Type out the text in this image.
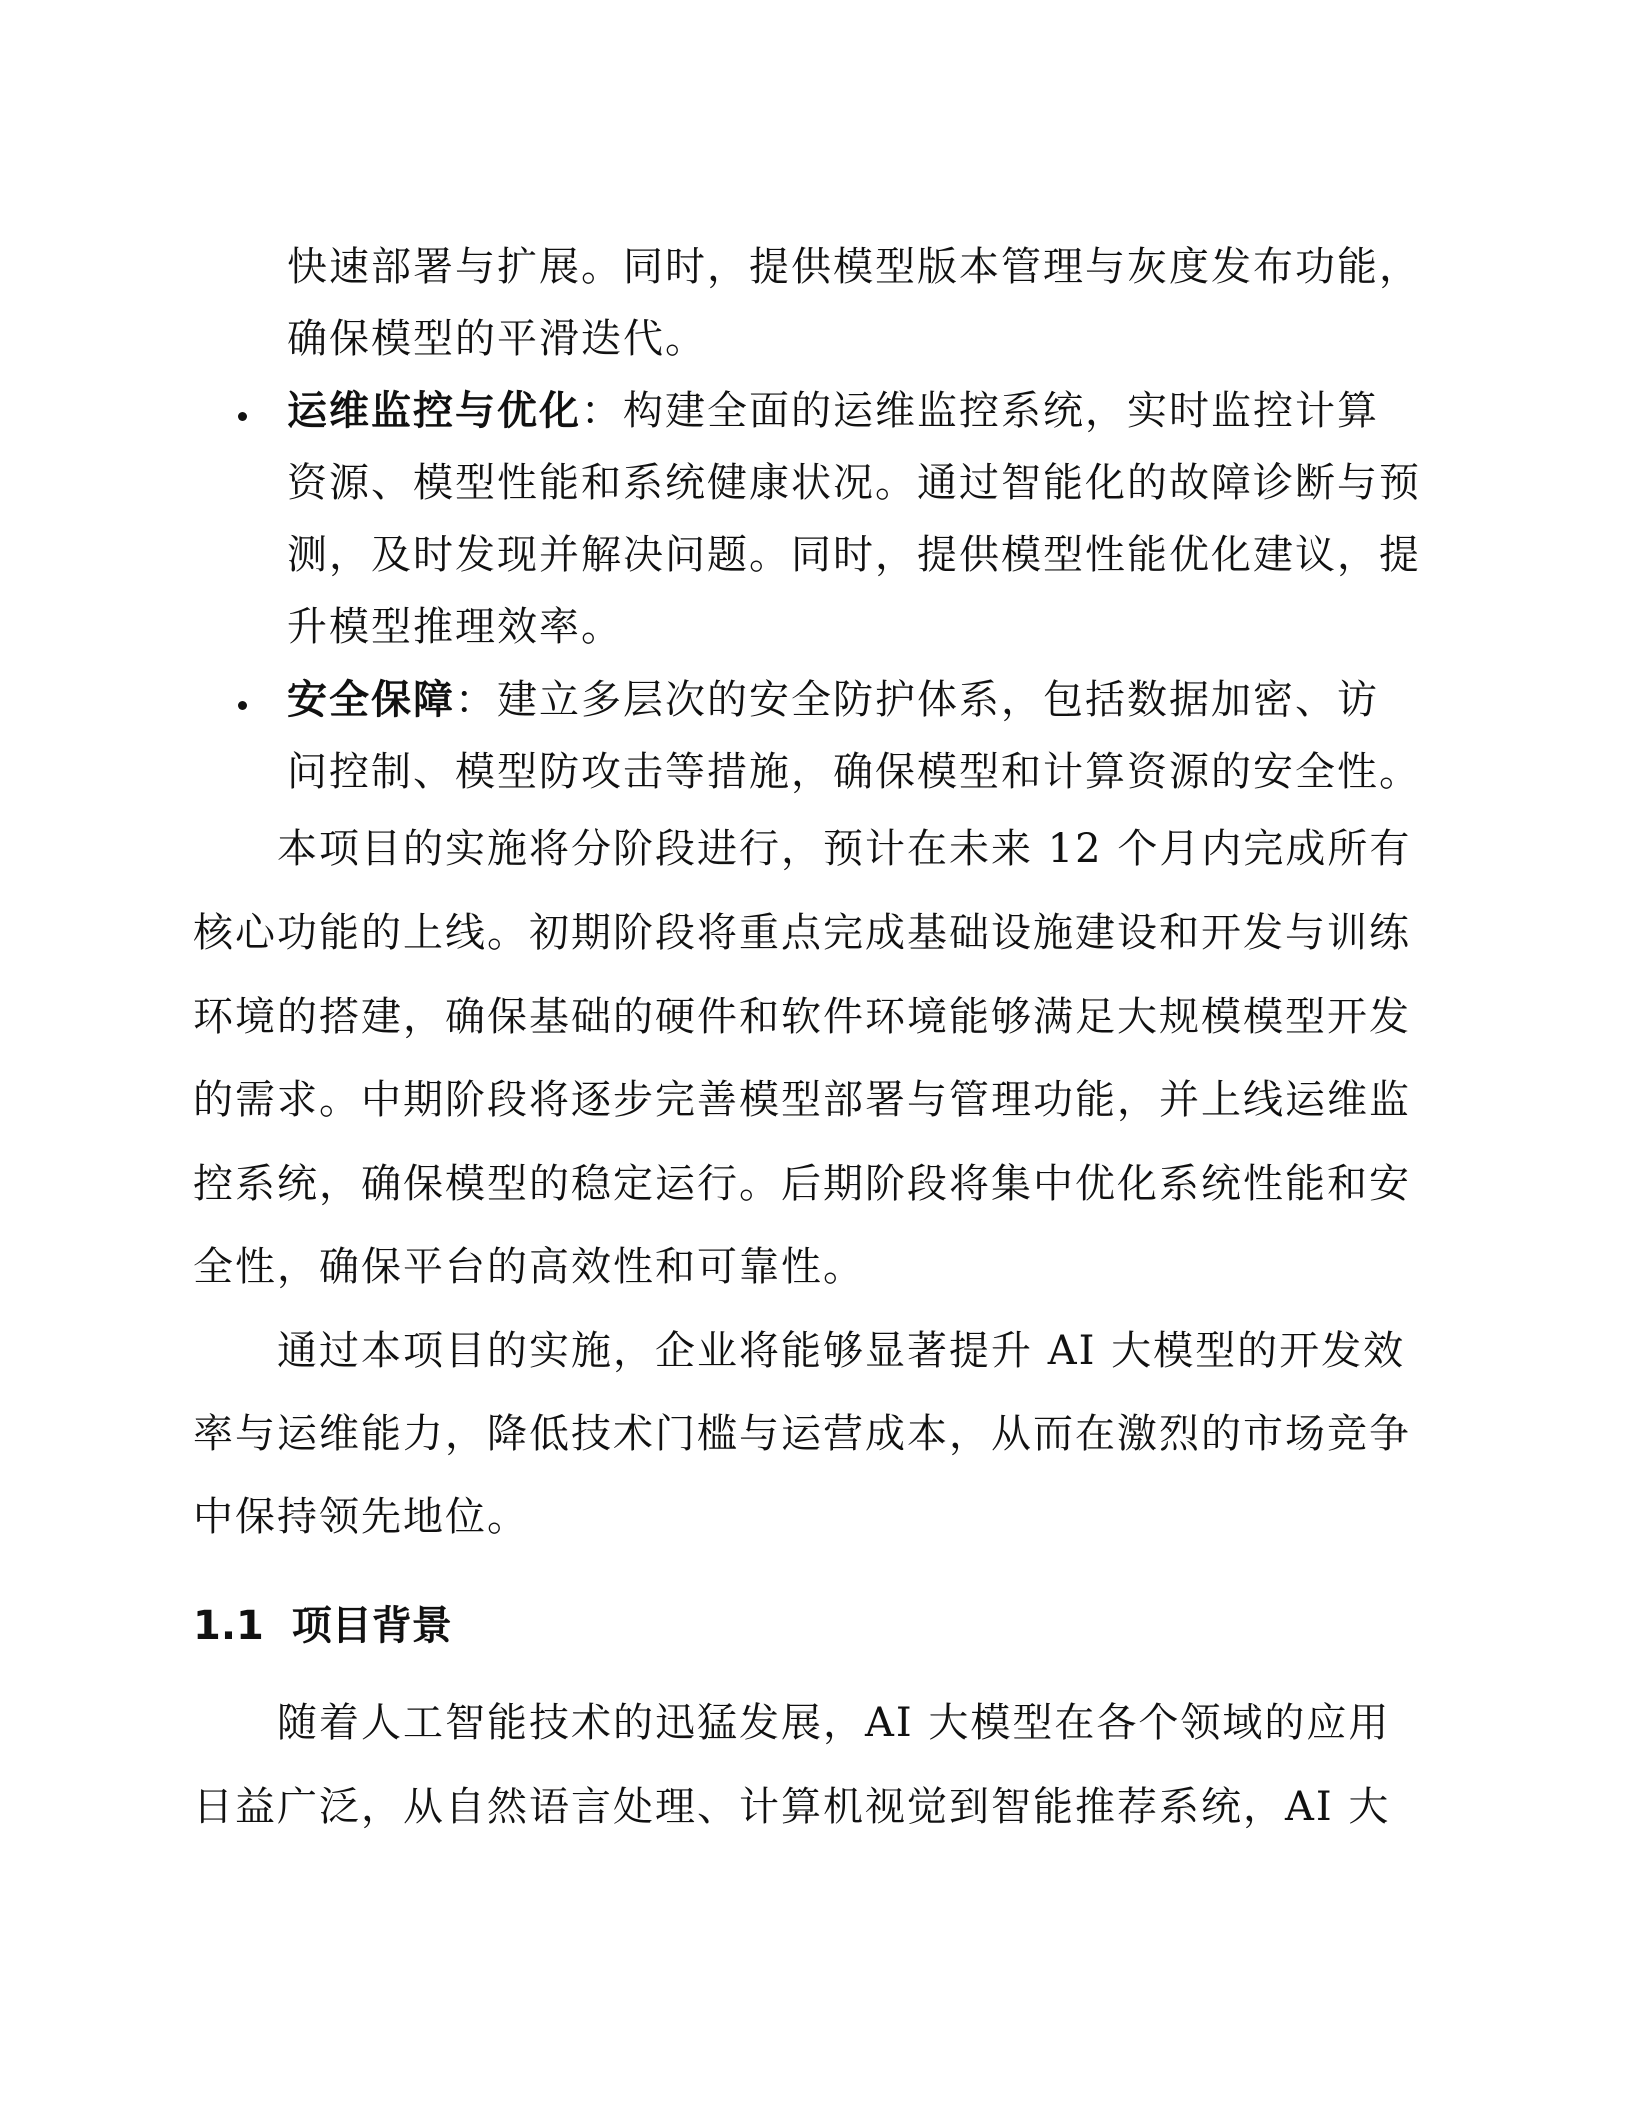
快速部署与扩展。同时，提供模型版本管理与灰度发布功能，
确保模型的平滑迭代。
运维监控与优化：构建全面的运维监控系统，实时监控计算
资源、模型性能和系统健康状况。通过智能化的故障诊断与预
测，及时发现并解决问题。同时，提供模型性能优化建议，提
升模型推理效率。
安全保障：建立多层次的安全防护体系，包括数据加密、访
问控制、模型防攻击等措施，确保模型和计算资源的安全性。
本项目的实施将分阶段进行，预计在未来 12 个月内完成所有
核心功能的上线。初期阶段将重点完成基础设施建设和开发与训练
环境的搭建，确保基础的硬件和软件环境能够满足大规模模型开发
的需求。中期阶段将逐步完善模型部署与管理功能，并上线运维监
控系统，确保模型的稳定运行。后期阶段将集中优化系统性能和安
全性，确保平台的高效性和可靠性。
通过本项目的实施，企业将能够显著提升 AI 大模型的开发效
率与运维能力，降低技术门槛与运营成本，从而在激烈的市场竞争
中保持领先地位。
1.1 项目背景
随着人工智能技术的迅猛发展，AI 大模型在各个领域的应用
日益广泛，从自然语言处理、计算机视觉到智能推荐系统，AI 大
